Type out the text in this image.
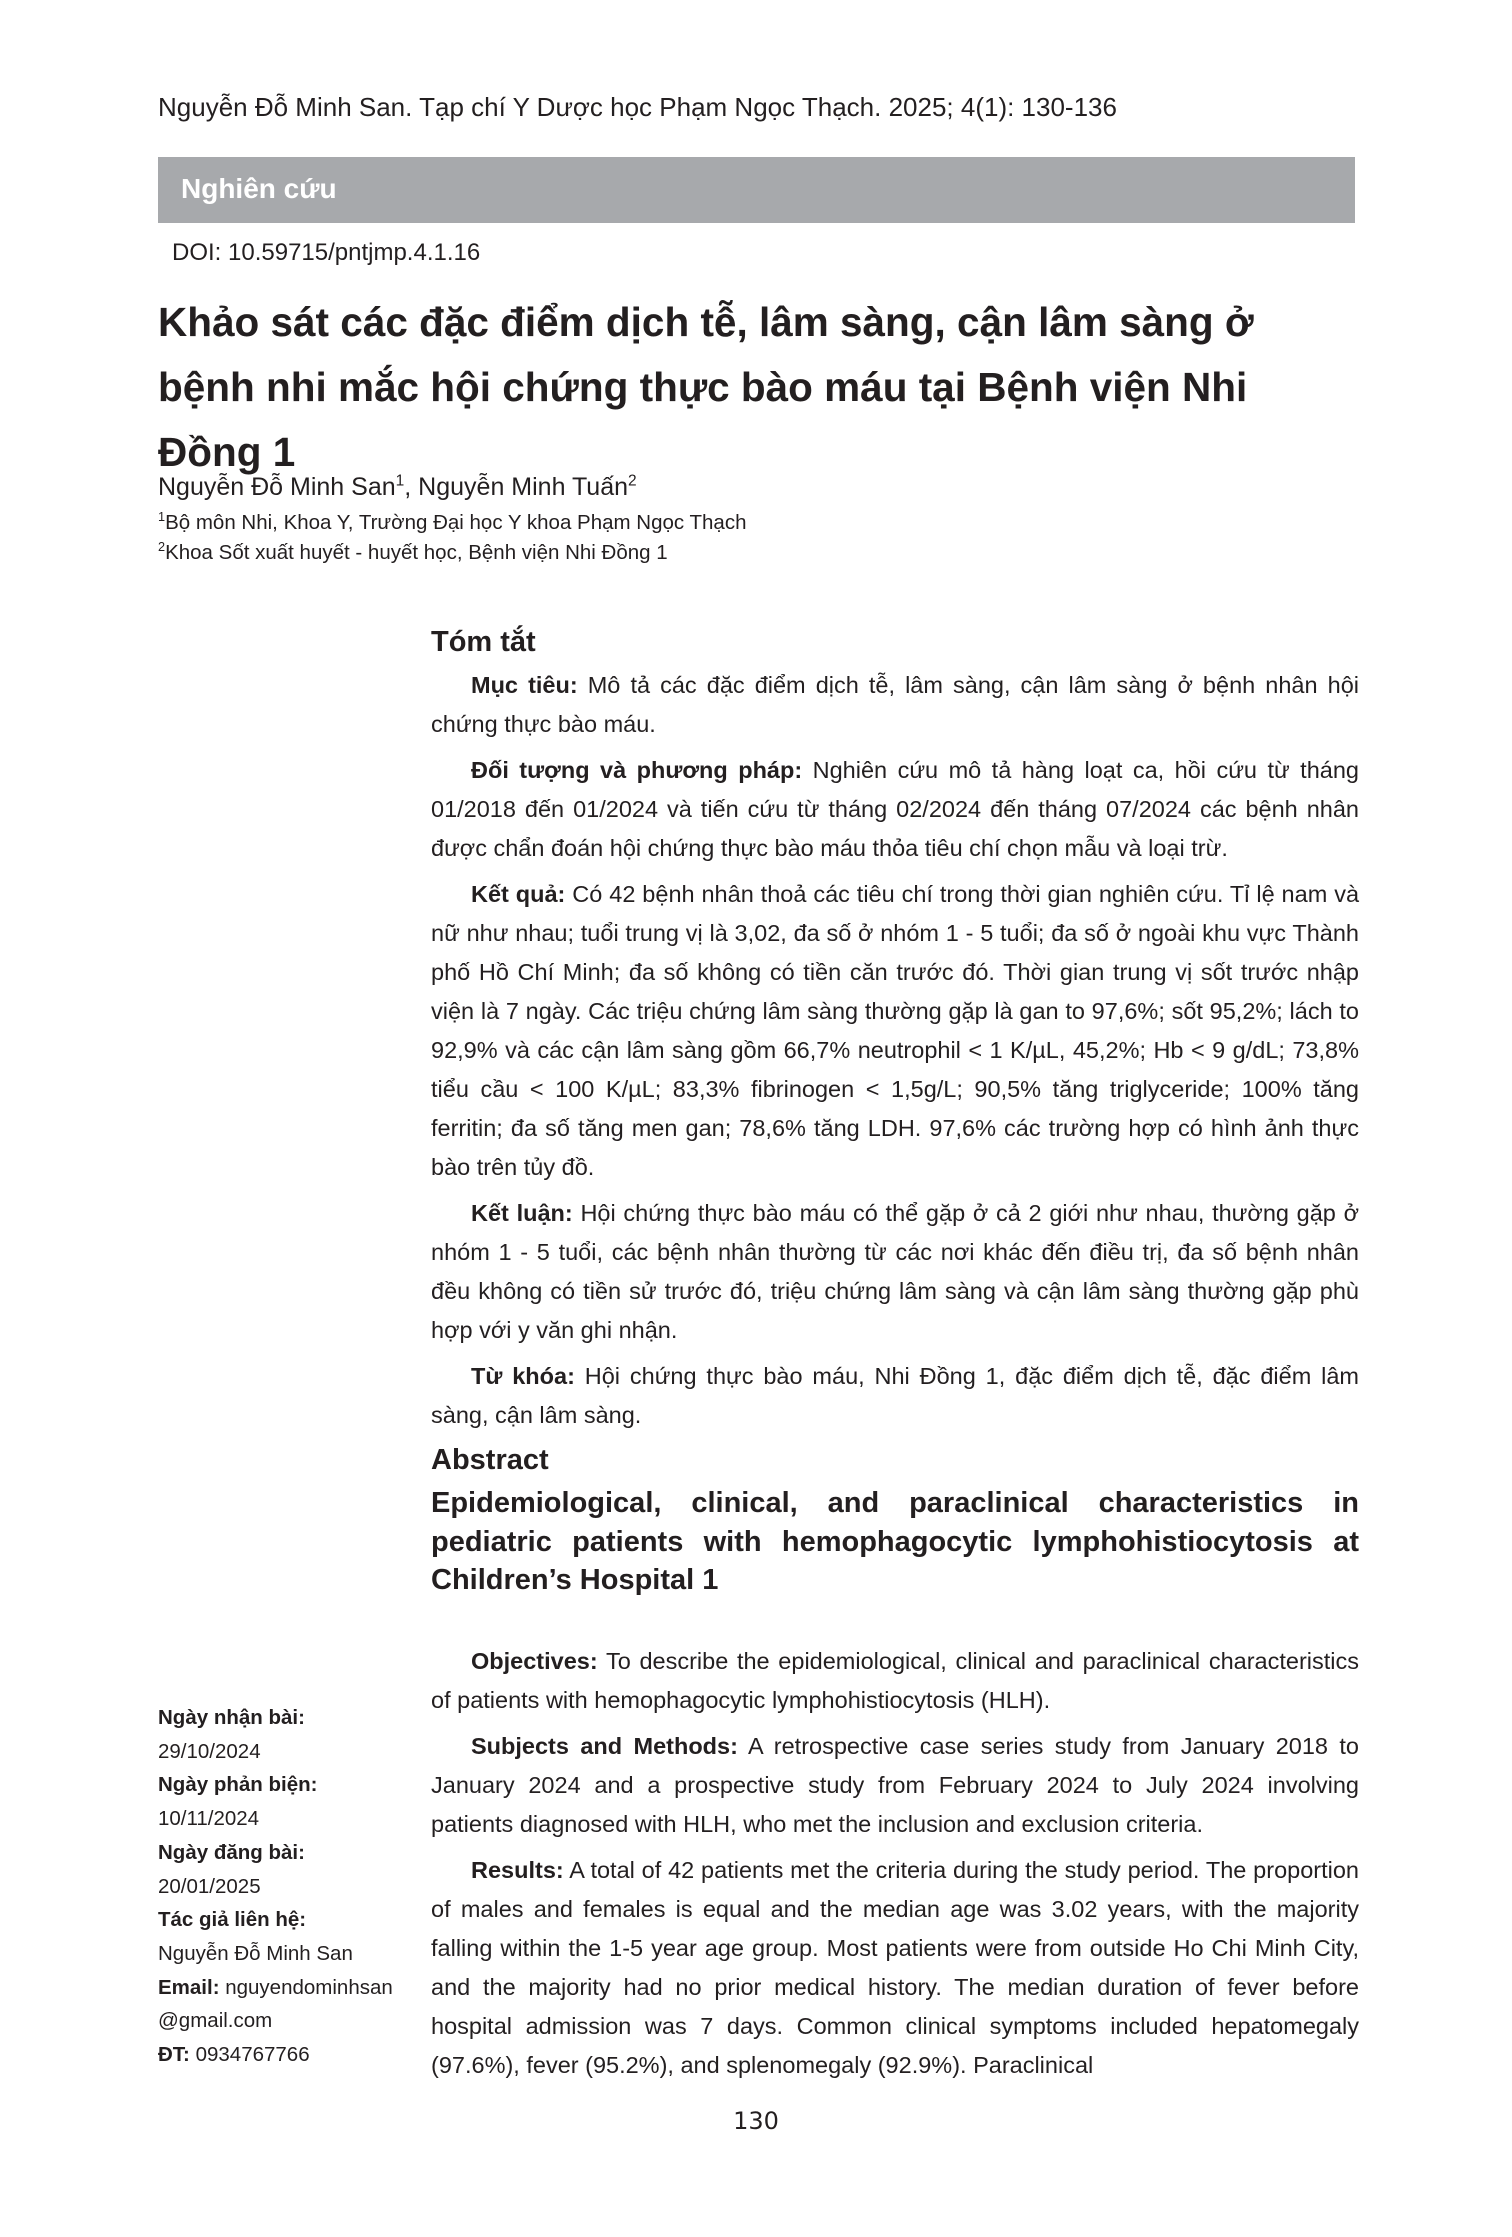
Nguyễn Đỗ Minh San. Tạp chí Y Dược học Phạm Ngọc Thạch. 2025; 4(1): 130-136
Nghiên cứu
DOI: 10.59715/pntjmp.4.1.16
Khảo sát các đặc điểm dịch tễ, lâm sàng, cận lâm sàng ở bệnh nhi mắc hội chứng thực bào máu tại Bệnh viện Nhi Đồng 1
Nguyễn Đỗ Minh San$^1$, Nguyễn Minh Tuấn$^2$
$^1$Bộ môn Nhi, Khoa Y, Trường Đại học Y khoa Phạm Ngọc Thạch
$^2$Khoa Sốt xuất huyết - huyết học, Bệnh viện Nhi Đồng 1
Tóm tắt

Mục tiêu: Mô tả các đặc điểm dịch tễ, lâm sàng, cận lâm sàng ở bệnh nhân hội chứng thực bào máu.

Đối tượng và phương pháp: Nghiên cứu mô tả hàng loạt ca, hồi cứu từ tháng 01/2018 đến 01/2024 và tiến cứu từ tháng 02/2024 đến tháng 07/2024 các bệnh nhân được chẩn đoán hội chứng thực bào máu thỏa tiêu chí chọn mẫu và loại trừ.

Kết quả: Có 42 bệnh nhân thoả các tiêu chí trong thời gian nghiên cứu. Tỉ lệ nam và nữ như nhau; tuổi trung vị là 3,02, đa số ở nhóm 1 - 5 tuổi; đa số ở ngoài khu vực Thành phố Hồ Chí Minh; đa số không có tiền căn trước đó. Thời gian trung vị sốt trước nhập viện là 7 ngày. Các triệu chứng lâm sàng thường gặp là gan to 97,6%; sốt 95,2%; lách to 92,9% và các cận lâm sàng gồm 66,7% neutrophil < 1 K/µL, 45,2%; Hb < 9 g/dL; 73,8% tiểu cầu < 100 K/µL; 83,3% fibrinogen < 1,5g/L; 90,5% tăng triglyceride; 100% tăng ferritin; đa số tăng men gan; 78,6% tăng LDH. 97,6% các trường hợp có hình ảnh thực bào trên tủy đồ.

Kết luận: Hội chứng thực bào máu có thể gặp ở cả 2 giới như nhau, thường gặp ở nhóm 1 - 5 tuổi, các bệnh nhân thường từ các nơi khác đến điều trị, đa số bệnh nhân đều không có tiền sử trước đó, triệu chứng lâm sàng và cận lâm sàng thường gặp phù hợp với y văn ghi nhận.

Từ khóa: Hội chứng thực bào máu, Nhi Đồng 1, đặc điểm dịch tễ, đặc điểm lâm sàng, cận lâm sàng.

Abstract
Epidemiological, clinical, and paraclinical characteristics in pediatric patients with hemophagocytic lymphohistiocytosis at Children’s Hospital 1

Objectives: To describe the epidemiological, clinical and paraclinical characteristics of patients with hemophagocytic lymphohistiocytosis (HLH).

Subjects and Methods: A retrospective case series study from January 2018 to January 2024 and a prospective study from February 2024 to July 2024 involving patients diagnosed with HLH, who met the inclusion and exclusion criteria.

Results: A total of 42 patients met the criteria during the study period. The proportion of males and females is equal and the median age was 3.02 years, with the majority falling within the 1-5 year age group. Most patients were from outside Ho Chi Minh City, and the majority had no prior medical history. The median duration of fever before hospital admission was 7 days. Common clinical symptoms included hepatomegaly (97.6%), fever (95.2%), and splenomegaly (92.9%). Paraclinical

Ngày nhận bài:
29/10/2024
Ngày phản biện:
10/11/2024
Ngày đăng bài:
20/01/2025
Tác giả liên hệ:
Nguyễn Đỗ Minh San
Email: nguyendominhsan
@gmail.com
ĐT: 0934767766
130
